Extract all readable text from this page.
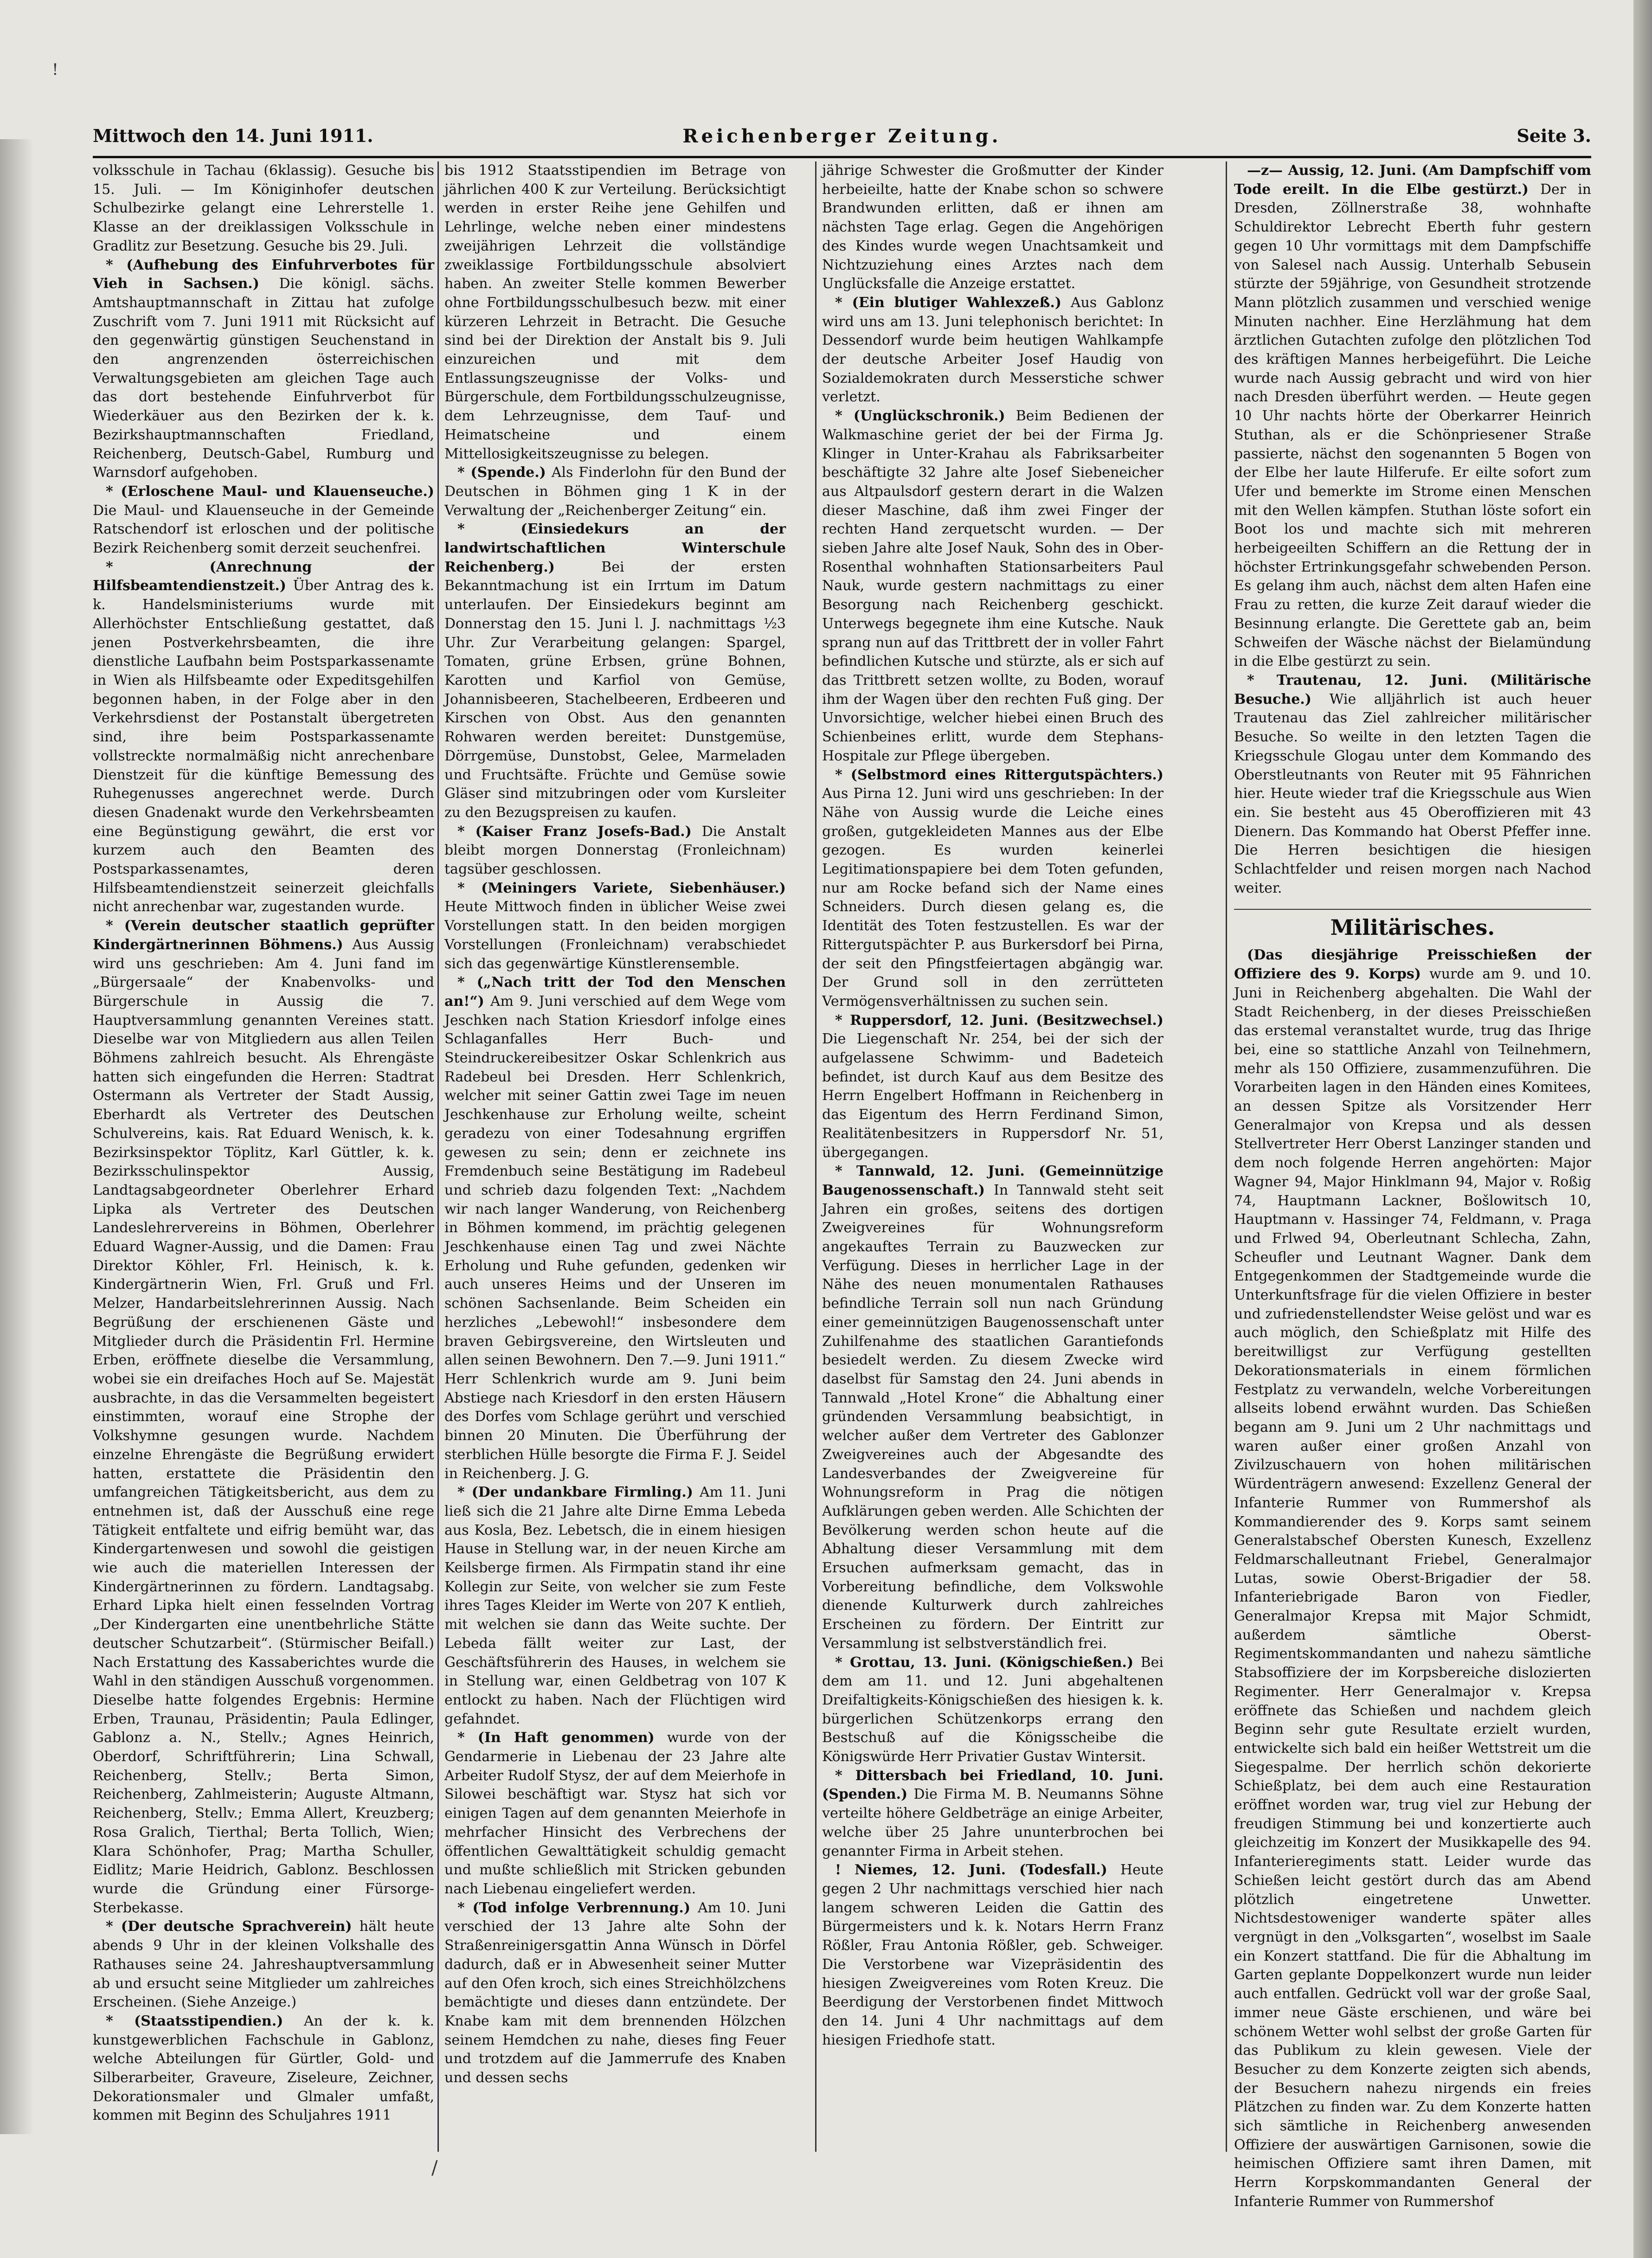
!
Mittwoch den 14. Juni 1911.	Reichenberger Zeitung.	Seite 3.

volksschule in Tachau (6klassig). Gesuche bis 15. Juli. — Im Königinhofer deutschen Schulbezirke gelangt eine Lehrerstelle 1. Klasse an der dreiklassigen Volksschule in Gradlitz zur Besetzung. Gesuche bis 29. Juli.

* (Aufhebung des Einfuhrverbotes für Vieh in Sachsen.) Die königl. sächs. Amtshauptmannschaft in Zittau hat zufolge Zuschrift vom 7. Juni 1911 mit Rücksicht auf den gegenwärtig günstigen Seuchenstand in den angrenzenden österreichischen Verwaltungsgebieten am gleichen Tage auch das dort bestehende Einfuhrverbot für Wiederkäuer aus den Bezirken der k. k. Bezirkshauptmannschaften Friedland, Reichenberg, Deutsch-Gabel, Rumburg und Warnsdorf aufgehoben.

* (Erloschene Maul- und Klauenseuche.) Die Maul- und Klauenseuche in der Gemeinde Ratschendorf ist erloschen und der politische Bezirk Reichenberg somit derzeit seuchenfrei.

* (Anrechnung der Hilfsbeamtendienstzeit.) Über Antrag des k. k. Handelsministeriums wurde mit Allerhöchster Entschließung gestattet, daß jenen Postverkehrsbeamten, die ihre dienstliche Laufbahn beim Postsparkassenamte in Wien als Hilfsbeamte oder Expeditsgehilfen begonnen haben, in der Folge aber in den Verkehrsdienst der Postanstalt übergetreten sind, ihre beim Postsparkassenamte vollstreckte normalmäßig nicht anrechenbare Dienstzeit für die künftige Bemessung des Ruhegenusses angerechnet werde. Durch diesen Gnadenakt wurde den Verkehrsbeamten eine Begünstigung gewährt, die erst vor kurzem auch den Beamten des Postsparkassenamtes, deren Hilfsbeamtendienstzeit seinerzeit gleichfalls nicht anrechenbar war, zugestanden wurde.

* (Verein deutscher staatlich geprüfter Kindergärtnerinnen Böhmens.) Aus Aussig wird uns geschrieben: Am 4. Juni fand im „Bürgersaale“ der Knabenvolks- und Bürgerschule in Aussig die 7. Hauptversammlung genannten Vereines statt. Dieselbe war von Mitgliedern aus allen Teilen Böhmens zahlreich besucht. Als Ehrengäste hatten sich eingefunden die Herren: Stadtrat Ostermann als Vertreter der Stadt Aussig, Eberhardt als Vertreter des Deutschen Schulvereins, kais. Rat Eduard Wenisch, k. k. Bezirksinspektor Töplitz, Karl Güttler, k. k. Bezirksschulinspektor Aussig, Landtagsabgeordneter Oberlehrer Erhard Lipka als Vertreter des Deutschen Landeslehrervereins in Böhmen, Oberlehrer Eduard Wagner-Aussig, und die Damen: Frau Direktor Köhler, Frl. Heinisch, k. k. Kindergärtnerin Wien, Frl. Gruß und Frl. Melzer, Handarbeitslehrerinnen Aussig. Nach Begrüßung der erschienenen Gäste und Mitglieder durch die Präsidentin Frl. Hermine Erben, eröffnete dieselbe die Versammlung, wobei sie ein dreifaches Hoch auf Se. Majestät ausbrachte, in das die Versammelten begeistert einstimmten, worauf eine Strophe der Volkshymne gesungen wurde. Nachdem einzelne Ehrengäste die Begrüßung erwidert hatten, erstattete die Präsidentin den umfangreichen Tätigkeitsbericht, aus dem zu entnehmen ist, daß der Ausschuß eine rege Tätigkeit entfaltete und eifrig bemüht war, das Kindergartenwesen und sowohl die geistigen wie auch die materiellen Interessen der Kindergärtnerinnen zu fördern. Landtagsabg. Erhard Lipka hielt einen fesselnden Vortrag „Der Kindergarten eine unentbehrliche Stätte deutscher Schutzarbeit“. (Stürmischer Beifall.) Nach Erstattung des Kassaberichtes wurde die Wahl in den ständigen Ausschuß vorgenommen. Dieselbe hatte folgendes Ergebnis: Hermine Erben, Traunau, Präsidentin; Paula Edlinger, Gablonz a. N., Stellv.; Agnes Heinrich, Oberdorf, Schriftführerin; Lina Schwall, Reichenberg, Stellv.; Berta Simon, Reichenberg, Zahlmeisterin; Auguste Altmann, Reichenberg, Stellv.; Emma Allert, Kreuzberg; Rosa Gralich, Tierthal; Berta Tollich, Wien; Klara Schönhofer, Prag; Martha Schuller, Eidlitz; Marie Heidrich, Gablonz. Beschlossen wurde die Gründung einer Fürsorge-Sterbekasse.

* (Der deutsche Sprachverein) hält heute abends 9 Uhr in der kleinen Volkshalle des Rathauses seine 24. Jahreshauptversammlung ab und ersucht seine Mitglieder um zahlreiches Erscheinen. (Siehe Anzeige.)

* (Staatsstipendien.) An der k. k. kunstgewerblichen Fachschule in Gablonz, welche Abteilungen für Gürtler, Gold- und Silberarbeiter, Graveure, Ziseleure, Zeichner, Dekorationsmaler und Glmaler umfaßt, kommen mit Beginn des Schuljahres 1911

bis 1912 Staatsstipendien im Betrage von jährlichen 400 K zur Verteilung. Berücksichtigt werden in erster Reihe jene Gehilfen und Lehrlinge, welche neben einer mindestens zweijährigen Lehrzeit die vollständige zweiklassige Fortbildungsschule absolviert haben. An zweiter Stelle kommen Bewerber ohne Fortbildungsschulbesuch bezw. mit einer kürzeren Lehrzeit in Betracht. Die Gesuche sind bei der Direktion der Anstalt bis 9. Juli einzureichen und mit dem Entlassungszeugnisse der Volks- und Bürgerschule, dem Fortbildungsschulzeugnisse, dem Lehrzeugnisse, dem Tauf- und Heimatscheine und einem Mittellosigkeitszeugnisse zu belegen.

* (Spende.) Als Finderlohn für den Bund der Deutschen in Böhmen ging 1 K in der Verwaltung der „Reichenberger Zeitung“ ein.

* (Einsiedekurs an der landwirtschaftlichen Winterschule Reichenberg.)	Bei der ersten Bekanntmachung ist ein Irrtum im Datum unterlaufen. Der Einsiedekurs beginnt am Donnerstag den 15. Juni l. J. nachmittags ½3 Uhr. Zur Verarbeitung gelangen: Spargel, Tomaten, grüne Erbsen, grüne Bohnen, Karotten und Karfiol von Gemüse, Johannisbeeren, Stachelbeeren, Erdbeeren und Kirschen von Obst. Aus den genannten Rohwaren werden bereitet: Dunstgemüse, Dörrgemüse, Dunstobst, Gelee, Marmeladen und Fruchtsäfte. Früchte und Gemüse sowie Gläser sind mitzubringen oder vom Kursleiter zu den Bezugspreisen zu kaufen.

* (Kaiser Franz Josefs-Bad.) Die Anstalt bleibt morgen Donnerstag (Fronleichnam) tagsüber geschlossen.

* (Meiningers Variete, Siebenhäuser.) Heute Mittwoch finden in üblicher Weise zwei Vorstellungen statt. In den beiden morgigen Vorstellungen (Fronleichnam) verabschiedet sich das gegenwärtige Künstlerensemble.

* („Nach tritt der Tod den Menschen an!“) Am 9. Juni verschied auf dem Wege vom Jeschken nach Station Kriesdorf infolge eines Schlaganfalles Herr Buch- und Steindruckereibesitzer Oskar Schlenkrich aus Radebeul bei Dresden. Herr Schlenkrich, welcher mit seiner Gattin zwei Tage im neuen Jeschkenhause zur Erholung weilte, scheint geradezu von einer Todesahnung ergriffen gewesen zu sein; denn er zeichnete ins Fremdenbuch seine Bestätigung im Radebeul und schrieb dazu folgenden Text: „Nachdem wir nach langer Wanderung, von Reichenberg in Böhmen kommend, im prächtig gelegenen Jeschkenhause einen Tag und zwei Nächte Erholung und Ruhe gefunden, gedenken wir auch unseres Heims und der Unseren im schönen Sachsenlande. Beim Scheiden ein herzliches „Lebewohl!“ insbesondere dem braven Gebirgsvereine, den Wirtsleuten und allen seinen Bewohnern. Den 7.—9. Juni 1911.“ Herr Schlenkrich wurde am 9. Juni beim Abstiege nach Kriesdorf in den ersten Häusern des Dorfes vom Schlage gerührt und verschied binnen 20 Minuten. Die Überführung der sterblichen Hülle besorgte die Firma F. J. Seidel in Reichenberg. J. G.

* (Der undankbare Firmling.) Am 11. Juni ließ sich die 21 Jahre alte Dirne Emma Lebeda aus Kosla, Bez. Lebetsch, die in einem hiesigen Hause in Stellung war, in der neuen Kirche am Keilsberge firmen. Als Firmpatin stand ihr eine Kollegin zur Seite, von welcher sie zum Feste ihres Tages Kleider im Werte von 207 K entlieh, mit welchen sie dann das Weite suchte. Der Lebeda fällt weiter zur Last, der Geschäftsführerin des Hauses, in welchem sie in Stellung war, einen Geldbetrag von 107 K entlockt zu haben. Nach der Flüchtigen wird gefahndet.

* (In Haft genommen) wurde von der Gendarmerie in Liebenau der 23 Jahre alte Arbeiter Rudolf Stysz, der auf dem Meierhofe in Silowei beschäftigt war. Stysz hat sich vor einigen Tagen auf dem genannten Meierhofe in mehrfacher Hinsicht des Verbrechens der öffentlichen Gewalttätigkeit schuldig gemacht und mußte schließlich mit Stricken gebunden nach Liebenau eingeliefert werden.

* (Tod infolge Verbrennung.) Am 10. Juni verschied der 13 Jahre alte Sohn der Straßenreinigersgattin Anna Wünsch in Dörfel dadurch, daß er in Abwesenheit seiner Mutter auf den Ofen kroch, sich eines Streichhölzchens bemächtigte und dieses dann entzündete. Der Knabe kam mit dem brennenden Hölzchen seinem Hemdchen zu nahe, dieses fing Feuer und trotzdem auf die Jammerrufe des Knaben und dessen sechs

jährige Schwester die Großmutter der Kinder herbeieilte, hatte der Knabe schon so schwere Brandwunden erlitten, daß er ihnen am nächsten Tage erlag. Gegen die Angehörigen des Kindes wurde wegen Unachtsamkeit und Nichtzuziehung eines Arztes nach dem Unglücksfalle die Anzeige erstattet.

* (Ein blutiger Wahlexzeß.) Aus Gablonz wird uns am 13. Juni telephonisch berichtet: In Dessendorf wurde beim heutigen Wahlkampfe der deutsche Arbeiter Josef Haudig von Sozialdemokraten durch Messerstiche schwer verletzt.

* (Unglückschronik.) Beim Bedienen der Walkmaschine geriet der bei der Firma Jg. Klinger in Unter-Krahau als Fabriksarbeiter beschäftigte 32 Jahre alte Josef Siebeneicher aus Altpaulsdorf gestern derart in die Walzen dieser Maschine, daß ihm zwei Finger der rechten Hand zerquetscht wurden. — Der sieben Jahre alte Josef Nauk, Sohn des in Ober-Rosenthal wohnhaften Stationsarbeiters Paul Nauk, wurde gestern nachmittags zu einer Besorgung nach Reichenberg geschickt. Unterwegs begegnete ihm eine Kutsche. Nauk sprang nun auf das Trittbrett der in voller Fahrt befindlichen Kutsche und stürzte, als er sich auf das Trittbrett setzen wollte, zu Boden, worauf ihm der Wagen über den rechten Fuß ging. Der Unvorsichtige, welcher hiebei einen Bruch des Schienbeines erlitt, wurde dem Stephans-Hospitale zur Pflege übergeben.

* (Selbstmord eines Rittergutspächters.) Aus Pirna 12. Juni wird uns geschrieben: In der Nähe von Aussig wurde die Leiche eines großen, gutgekleideten Mannes aus der Elbe gezogen. Es wurden keinerlei Legitimationspapiere bei dem Toten gefunden, nur am Rocke befand sich der Name eines Schneiders. Durch diesen gelang es, die Identität des Toten festzustellen. Es war der Rittergutspächter P. aus Burkersdorf bei Pirna, der seit den Pfingstfeiertagen abgängig war. Der Grund soll in den zerrütteten Vermögensverhältnissen zu suchen sein.

* Ruppersdorf, 12. Juni. (Besitzwechsel.) Die Liegenschaft Nr. 254, bei der sich der aufgelassene Schwimm- und Badeteich befindet, ist durch Kauf aus dem Besitze des Herrn Engelbert Hoffmann in Reichenberg in das Eigentum des Herrn Ferdinand Simon, Realitätenbesitzers in Ruppersdorf Nr. 51, übergegangen.

* Tannwald, 12. Juni. (Gemeinnützige Baugenossenschaft.) In Tannwald steht seit Jahren ein großes, seitens des dortigen Zweigvereines für Wohnungsreform angekauftes Terrain zu Bauzwecken zur Verfügung. Dieses in herrlicher Lage in der Nähe des neuen monumentalen Rathauses befindliche Terrain soll nun nach Gründung einer gemeinnützigen Baugenossenschaft unter Zuhilfenahme des staatlichen Garantiefonds besiedelt werden. Zu diesem Zwecke wird daselbst für Samstag den 24. Juni abends in Tannwald „Hotel Krone“ die Abhaltung einer gründenden Versammlung beabsichtigt, in welcher außer dem Vertreter des Gablonzer Zweigvereines auch der Abgesandte des Landesverbandes der Zweigvereine für Wohnungsreform in Prag die nötigen Aufklärungen geben werden. Alle Schichten der Bevölkerung werden schon heute auf die Abhaltung dieser Versammlung mit dem Ersuchen aufmerksam gemacht, das in Vorbereitung befindliche, dem Volkswohle dienende Kulturwerk durch zahlreiches Erscheinen zu fördern. Der Eintritt zur Versammlung ist selbstverständlich frei.

* Grottau, 13. Juni. (Königschießen.) Bei dem am 11. und 12. Juni abgehaltenen Dreifaltigkeits-Königschießen des hiesigen k. k. bürgerlichen Schützenkorps errang den Bestschuß auf die Königsscheibe die Königswürde Herr Privatier Gustav Wintersit.

* Dittersbach bei Friedland, 10. Juni. (Spenden.) Die Firma M. B. Neumanns Söhne verteilte höhere Geldbeträge an einige Arbeiter, welche über 25 Jahre ununterbrochen bei genannter Firma in Arbeit stehen.

! Niemes, 12. Juni. (Todesfall.) Heute gegen 2 Uhr nachmittags verschied hier nach langem schweren Leiden die Gattin des Bürgermeisters und k. k. Notars Herrn Franz Rößler, Frau Antonia Rößler, geb. Schweiger. Die Verstorbene war Vizepräsidentin des hiesigen Zweigvereines vom Roten Kreuz. Die Beerdigung der Verstorbenen findet Mittwoch den 14. Juni 4 Uhr nachmittags auf dem hiesigen Friedhofe statt.

—z— Aussig, 12. Juni. (Am Dampfschiff vom Tode ereilt. In die Elbe gestürzt.) Der in Dresden, Zöllnerstraße 38, wohnhafte Schuldirektor Lebrecht Eberth fuhr gestern gegen 10 Uhr vormittags mit dem Dampfschiffe von Salesel nach Aussig. Unterhalb Sebusein stürzte der 59jährige, von Gesundheit strotzende Mann plötzlich zusammen und verschied wenige Minuten nachher. Eine Herzlähmung hat dem ärztlichen Gutachten zufolge den plötzlichen Tod des kräftigen Mannes herbeigeführt. Die Leiche wurde nach Aussig gebracht und wird von hier nach Dresden überführt werden. — Heute gegen 10 Uhr nachts hörte der Oberkarrer Heinrich Stuthan, als er die Schönpriesener Straße passierte, nächst den sogenannten 5 Bogen von der Elbe her laute Hilferufe. Er eilte sofort zum Ufer und bemerkte im Strome einen Menschen mit den Wellen kämpfen. Stuthan löste sofort ein Boot los und machte sich mit mehreren herbeigeeilten Schiffern an die Rettung der in höchster Ertrinkungsgefahr schwebenden Person. Es gelang ihm auch, nächst dem alten Hafen eine Frau zu retten, die kurze Zeit darauf wieder die Besinnung erlangte. Die Gerettete gab an, beim Schweifen der Wäsche nächst der Bielamündung in die Elbe gestürzt zu sein.

* Trautenau, 12. Juni. (Militärische Besuche.) Wie alljährlich ist auch heuer Trautenau das Ziel zahlreicher militärischer Besuche. So weilte in den letzten Tagen die Kriegsschule Glogau unter dem Kommando des Oberstleutnants von Reuter mit 95 Fähnrichen hier. Heute wieder traf die Kriegsschule aus Wien ein. Sie besteht aus 45 Oberoffizieren mit 43 Dienern. Das Kommando hat Oberst Pfeffer inne. Die Herren besichtigen die hiesigen Schlachtfelder und reisen morgen nach Nachod weiter.

Militärisches.

(Das diesjährige Preisschießen der Offiziere des 9. Korps) wurde am 9. und 10. Juni in Reichenberg abgehalten. Die Wahl der Stadt Reichenberg, in der dieses Preisschießen das erstemal veranstaltet wurde, trug das Ihrige bei, eine so stattliche Anzahl von Teilnehmern, mehr als 150 Offiziere, zusammenzuführen. Die Vorarbeiten lagen in den Händen eines Komitees, an dessen Spitze als Vorsitzender Herr Generalmajor von Krepsa und als dessen Stellvertreter Herr Oberst Lanzinger standen und dem noch folgende Herren angehörten: Major Wagner 94, Major Hinklmann 94, Major v. Roßig 74, Hauptmann Lackner, Bošlowitsch 10, Hauptmann v. Hassinger 74, Feldmann, v. Praga und Frlwed 94, Oberleutnant Schlecha, Zahn, Scheufler und Leutnant Wagner. Dank dem Entgegenkommen der Stadtgemeinde wurde die Unterkunftsfrage für die vielen Offiziere in bester und zufriedenstellendster Weise gelöst und war es auch möglich, den Schießplatz mit Hilfe des bereitwilligst zur Verfügung gestellten Dekorationsmaterials in einem förmlichen Festplatz zu verwandeln, welche Vorbereitungen allseits lobend erwähnt wurden. Das Schießen begann am 9. Juni um 2 Uhr nachmittags und waren außer einer großen Anzahl von Zivilzuschauern von hohen militärischen Würdenträgern anwesend: Exzellenz General der Infanterie Rummer von Rummershof als Kommandierender des 9. Korps samt seinem Generalstabschef Obersten Kunesch, Exzellenz Feldmarschalleutnant Friebel, Generalmajor Lutas, sowie Oberst-Brigadier der 58. Infanteriebrigade Baron von Fiedler, Generalmajor Krepsa mit Major Schmidt, außerdem sämtliche Oberst-Regimentskommandanten und nahezu sämtliche Stabsoffiziere der im Korpsbereiche dislozierten Regimenter. Herr Generalmajor v. Krepsa eröffnete das Schießen und nachdem gleich Beginn sehr gute Resultate erzielt wurden, entwickelte sich bald ein heißer Wettstreit um die Siegespalme. Der herrlich schön dekorierte Schießplatz, bei dem auch eine Restauration eröffnet worden war, trug viel zur Hebung der freudigen Stimmung bei und konzertierte auch gleichzeitig im Konzert der Musikkapelle des 94. Infanterieregiments statt. Leider wurde das Schießen leicht gestört durch das am Abend plötzlich eingetretene Unwetter. Nichtsdestoweniger wanderte später alles vergnügt in den „Volksgarten“, woselbst im Saale ein Konzert stattfand. Die für die Abhaltung im Garten geplante Doppelkonzert wurde nun leider auch entfallen. Gedrückt voll war der große Saal, immer neue Gäste erschienen, und wäre bei schönem Wetter wohl selbst der große Garten für das Publikum zu klein gewesen. Viele der Besucher zu dem Konzerte zeigten sich abends, der Besuchern nahezu nirgends ein freies Plätzchen zu finden war. Zu dem Konzerte hatten sich sämtliche in Reichenberg anwesenden Offiziere der auswärtigen Garnisonen, sowie die heimischen Offiziere samt ihren Damen, mit Herrn Korpskommandanten General der Infanterie Rummer von Rummershof

/
